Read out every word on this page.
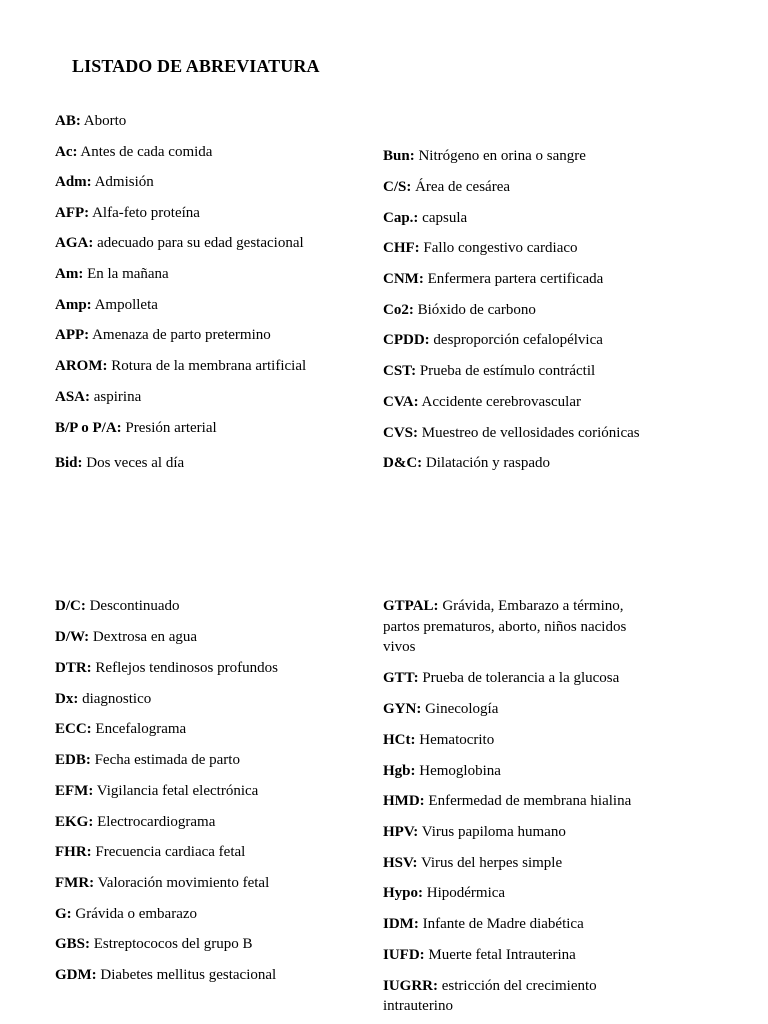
LISTADO DE ABREVIATURA
AB: Aborto
Ac: Antes de cada comida
Adm: Admisión
AFP: Alfa-feto proteína
AGA: adecuado para su edad gestacional
Am: En la mañana
Amp: Ampolleta
APP: Amenaza de parto pretermino
AROM: Rotura de la membrana artificial
ASA: aspirina
B/P o P/A: Presión arterial
Bid: Dos veces al día
Bun: Nitrógeno en orina o sangre
C/S: Área de cesárea
Cap.: capsula
CHF: Fallo congestivo cardiaco
CNM: Enfermera partera certificada
Co2: Bióxido de carbono
CPDD: desproporción cefalopélvica
CST: Prueba de estímulo contráctil
CVA: Accidente cerebrovascular
CVS: Muestreo de vellosidades coriónicas
D&C: Dilatación y raspado
D/C: Descontinuado
D/W: Dextrosa en agua
DTR: Reflejos tendinosos profundos
Dx: diagnostico
ECC: Encefalograma
EDB: Fecha estimada de parto
EFM: Vigilancia fetal electrónica
EKG: Electrocardiograma
FHR: Frecuencia cardiaca fetal
FMR: Valoración movimiento fetal
G: Grávida o embarazo
GBS: Estreptococos del grupo B
GDM: Diabetes mellitus gestacional
GTPAL: Grávida, Embarazo a término, partos prematuros, aborto, niños nacidos vivos
GTT: Prueba de tolerancia a la glucosa
GYN: Ginecología
HCt: Hematocrito
Hgb: Hemoglobina
HMD: Enfermedad de membrana hialina
HPV: Virus papiloma humano
HSV: Virus del herpes simple
Hypo: Hipodérmica
IDM: Infante de Madre diabética
IUFD: Muerte fetal Intrauterina
IUGRR: estricción del crecimiento intrauterino
